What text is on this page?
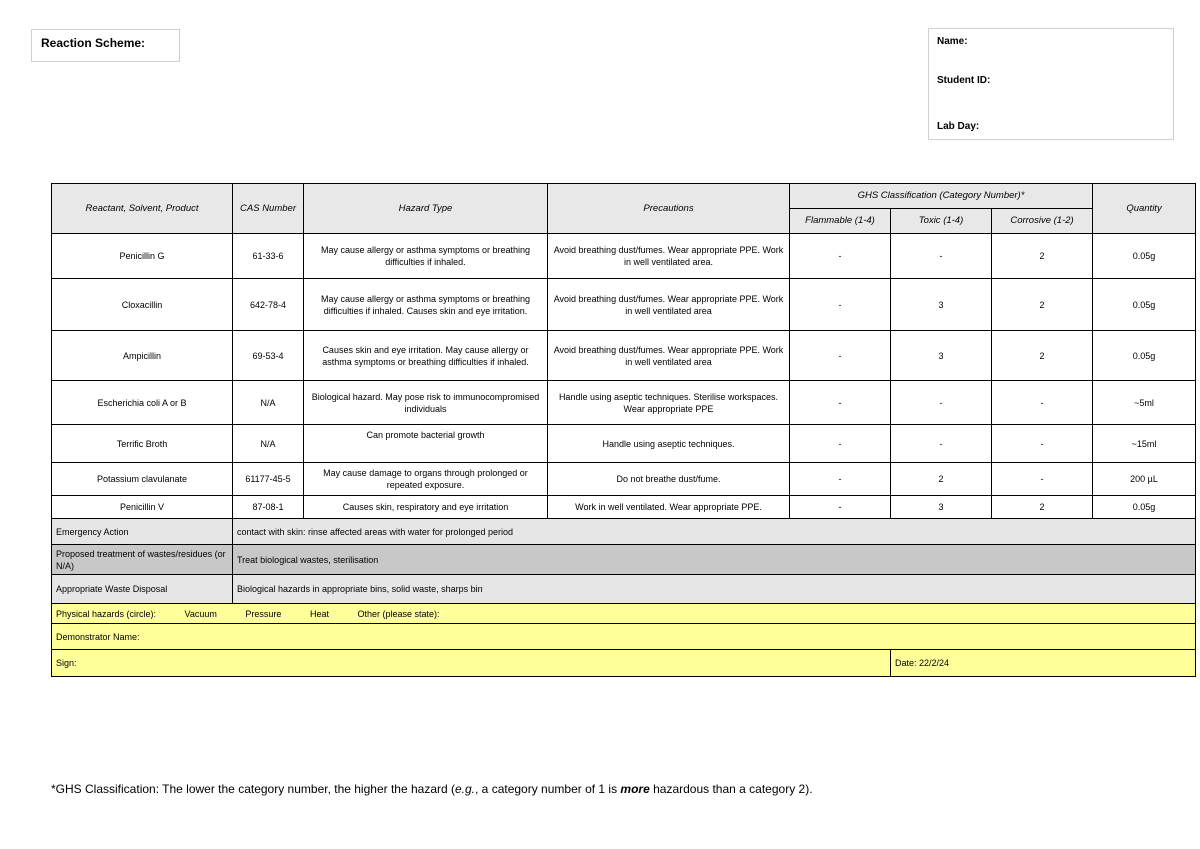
Reaction Scheme:	Name:
Student ID:
Lab Day:
Reactant, Solvent, Product	CAS Number	Hazard Type	Precautions	GHS Classification (Category Number)*			Quantity
				Flammable (1-4)	Toxic (1-4)	Corrosive (1-2)	
Penicillin G	61-33-6	May cause allergy or asthma symptoms or breathing difficulties if inhaled.	Avoid breathing dust/fumes. Wear appropriate PPE. Work in well ventilated area.	-	-	2	0.05g
Cloxacillin	642-78-4	May cause allergy or asthma symptoms or breathing difficulties if inhaled. Causes skin and eye irritation.	Avoid breathing dust/fumes. Wear appropriate PPE. Work in well ventilated area	-	3	2	0.05g
Ampicillin	69-53-4	Causes skin and eye irritation. May cause allergy or asthma symptoms or breathing difficulties if inhaled.	Avoid breathing dust/fumes. Wear appropriate PPE. Work in well ventilated area	-	3	2	0.05g
Escherichia coli A or B	N/A	Biological hazard. May pose risk to immunocompromised individuals	Handle using aseptic techniques. Sterilise workspaces. Wear appropriate PPE	-	-	-	~5ml
Terrific Broth	N/A	Can promote bacterial growth	Handle using aseptic techniques.	-	-	-	~15ml
Potassium clavulanate	61177-45-5	May cause damage to organs through prolonged or repeated exposure.	Do not breathe dust/fume.	-	2	-	200 µL
Penicillin V	87-08-1	Causes skin, respiratory and eye irritation	Work in well ventilated. Wear appropriate PPE.	-	3	2	0.05g
Emergency Action	contact with skin: rinse affected areas with water for prolonged period						
Proposed treatment of wastes/residues (or N/A)	Treat biological wastes, sterilisation						
Appropriate Waste Disposal	Biological hazards in appropriate bins, solid waste, sharps bin						
Physical hazards (circle): Vacuum Pressure Heat Other (please state):							
Demonstrator Name:							
Sign:					Date: 22/2/24		
*GHS Classification: The lower the category number, the higher the hazard (e.g., a category number of 1 is more hazardous than a category 2).
